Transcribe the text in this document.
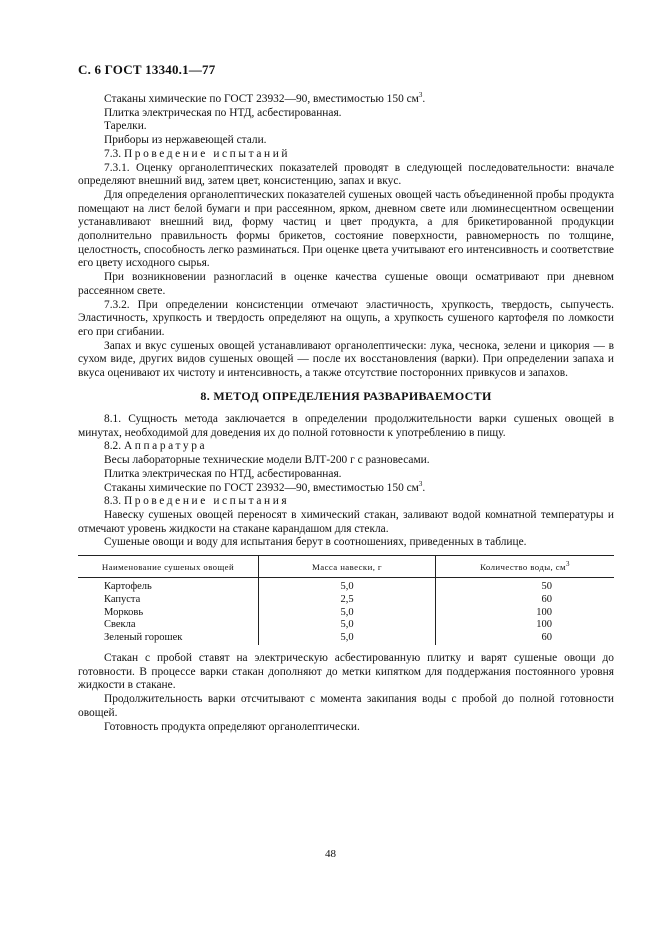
С. 6 ГОСТ 13340.1—77

Стаканы химические по ГОСТ 23932—90, вместимостью 150 $см^3$.

Плитка электрическая по НТД, асбестированная.

Тарелки.

Приборы из нержавеющей стали.

7.3. Проведение испытаний

7.3.1. Оценку органолептических показателей проводят в следующей последовательности: вначале определяют внешний вид, затем цвет, консистенцию, запах и вкус.

Для определения органолептических показателей сушеных овощей часть объединенной пробы продукта помещают на лист белой бумаги и при рассеянном, ярком, дневном свете или люминесцентном освещении устанавливают внешний вид, форму частиц и цвет продукта, а для брикетированной продукции дополнительно правильность формы брикетов, состояние поверхности, равномерность по толщине, целостность, способность легко разминаться. При оценке цвета учитывают его интенсивность и соответствие его цвету исходного сырья.

При возникновении разногласий в оценке качества сушеные овощи осматривают при дневном рассеянном свете.

7.3.2. При определении консистенции отмечают эластичность, хрупкость, твердость, сыпучесть. Эластичность, хрупкость и твердость определяют на ощупь, а хрупкость сушеного картофеля по ломкости его при сгибании.

Запах и вкус сушеных овощей устанавливают органолептически: лука, чеснока, зелени и цикория — в сухом виде, других видов сушеных овощей — после их восстановления (варки). При определении запаха и вкуса оценивают их чистоту и интенсивность, а также отсутствие посторонних привкусов и запахов.

8. МЕТОД ОПРЕДЕЛЕНИЯ РАЗВАРИВАЕМОСТИ

8.1. Сущность метода заключается в определении продолжительности варки сушеных овощей в минутах, необходимой для доведения их до полной готовности к употреблению в пищу.

8.2. Аппаратура

Весы лабораторные технические модели ВЛТ-200 г с разновесами.

Плитка электрическая по НТД, асбестированная.

Стаканы химические по ГОСТ 23932—90, вместимостью 150 $см^3$.

8.3. Проведение испытания

Навеску сушеных овощей переносят в химический стакан, заливают водой комнатной температуры и отмечают уровень жидкости на стакане карандашом для стекла.

Сушеные овощи и воду для испытания берут в соотношениях, приведенных в таблице.

Наименование сушеных овощей	Масса навески, г	Количество воды, $см^3$
Картофель	5,0	50
Капуста	2,5	60
Морковь	5,0	100
Свекла	5,0	100
Зеленый горошек	5,0	60

Стакан с пробой ставят на электрическую асбестированную плитку и варят сушеные овощи до готовности. В процессе варки стакан дополняют до метки кипятком для поддержания постоянного уровня жидкости в стакане.

Продолжительность варки отсчитывают с момента закипания воды с пробой до полной готовности овощей.

Готовность продукта определяют органолептически.

48
